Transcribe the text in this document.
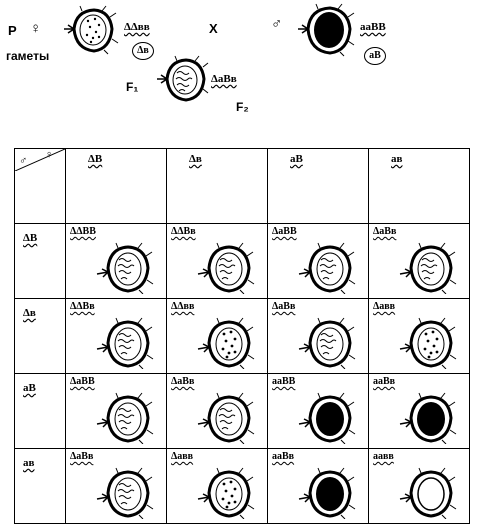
P ♀	ΔΔвв
Δв
X	♂	aaBB
aB
гаметы
F₁
ΔaBв
F₂
♂ ♀	ΔB	Δв	aB	aв

ΔB	ΔΔBB	ΔΔBв	ΔaBB	ΔaBв

Δв	ΔΔBв	ΔΔвв	ΔaBв	Δaвв

aB	ΔaBB	ΔaBв	aaBB	aaBв

aв	ΔaBв	Δaвв	aaBв	aaвв
